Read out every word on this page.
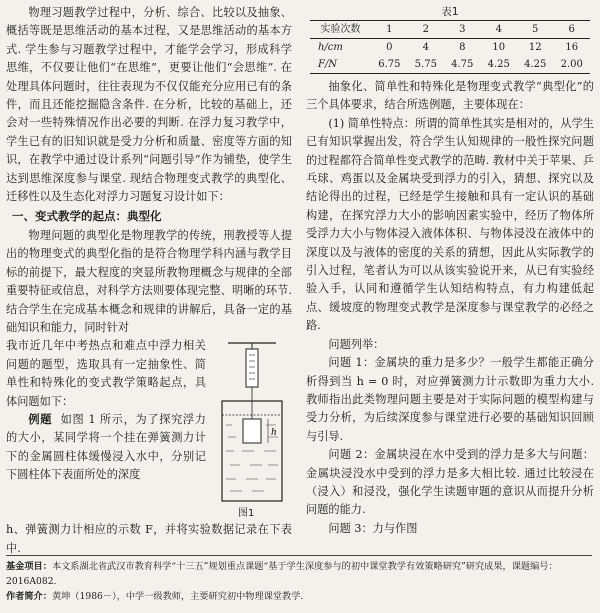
物理习题教学过程中，分析、综合、比较以及抽象、概括等既是思维活动的基本过程，又是思维活动的基本方式. 学生参与习题教学过程中，才能学会学习，形成科学思维，不仅要让他们“在思维”，更要让他们“会思维”. 在处理具体问题时，往往表现为不仅仅能充分应用已有的条件，而且还能挖掘隐含条件. 在分析，比较的基础上，还会对一些特殊情况作出必要的判断. 在浮力复习教学中，学生已有的旧知识就是受力分析和质量、密度等方面的知识，在教学中通过设计系列“问题引导”作为铺垫，使学生达到思维深度参与课堂. 现结合物理变式教学的典型化、迁移性以及生态化对浮力习题复习设计如下：

一、变式教学的起点：典型化

物理问题的典型化是物理教学的传统，刑教授等人提出的物理变式的典型化指的是符合物理学科内涵与教学目标的前提下，最大程度的突显所教物理概念与规律的全部重要特征或信息，对科学方法则要体现完整、明晰的环节. 结合学生在完成基本概念和规律的讲解后，具备一定的基础知识和能力，同时针对

我市近几年中考热点和难点中浮力相关问题的题型，选取具有一定抽象性、简单性和特殊化的变式教学策略起点，具体问题如下：

例题 如图 1 所示，为了探究浮力的大小，某同学将一个挂在弹簧测力计下的金属圆柱体缓慢浸入水中，分别记下圆柱体下表面所处的深度

h
图1

h、弹簧测力计相应的示数 F，并将实验数据记录在下表中.

表1
实验次数	1	2	3	4	5	6
h/cm	0	4	8	10	12	16
F/N	6.75	5.75	4.75	4.25	4.25	2.00

抽象化、简单性和特殊化是物理变式教学“典型化”的三个具体要求，结合所选例题，主要体现在：

(1) 简单性特点：所谓的简单性其实是相对的，从学生已有知识掌握出发，符合学生认知规律的一般性探究问题的过程都符合简单性变式教学的范畴. 教材中关于苹果、乒乓球、鸡蛋以及金属块受到浮力的引入，猜想、探究以及结论得出的过程，已经是学生接触和具有一定认识的基础构建，在探究浮力大小的影响因素实验中，经历了物体所受浮力大小与物体浸入液体体积、与物体浸没在液体中的深度以及与液体的密度的关系的猜想，因此从实际教学的引入过程，笔者认为可以从该实验说开来，从已有实验经验入手，认同和遵循学生认知结构特点，有力构建低起点、缓坡度的物理变式教学是深度参与课堂教学的必经之路.

问题列举：

问题 1：金属块的重力是多少？一般学生都能正确分析得到当 h = 0 时，对应弹簧测力计示数即为重力大小. 教师指出此类物理问题主要是对于实际问题的模型构建与受力分析，为后续深度参与课堂进行必要的基础知识回顾与引导.

问题 2：金属块浸在水中受到的浮力是多大与问题：金属块浸没水中受到的浮力是多大相比较. 通过比较浸在（浸入）和浸没，强化学生读题审题的意识从而提升分析问题的能力.

问题 3：力与作图

基金项目：本文系湖北省武汉市教育科学“十三五”规划重点课题“基于学生深度参与的初中课堂教学有效策略研究”研究成果，课题编号：2016A082.
作者简介：黄坤（1986－），中学一级教师，主要研究初中物理课堂教学.
